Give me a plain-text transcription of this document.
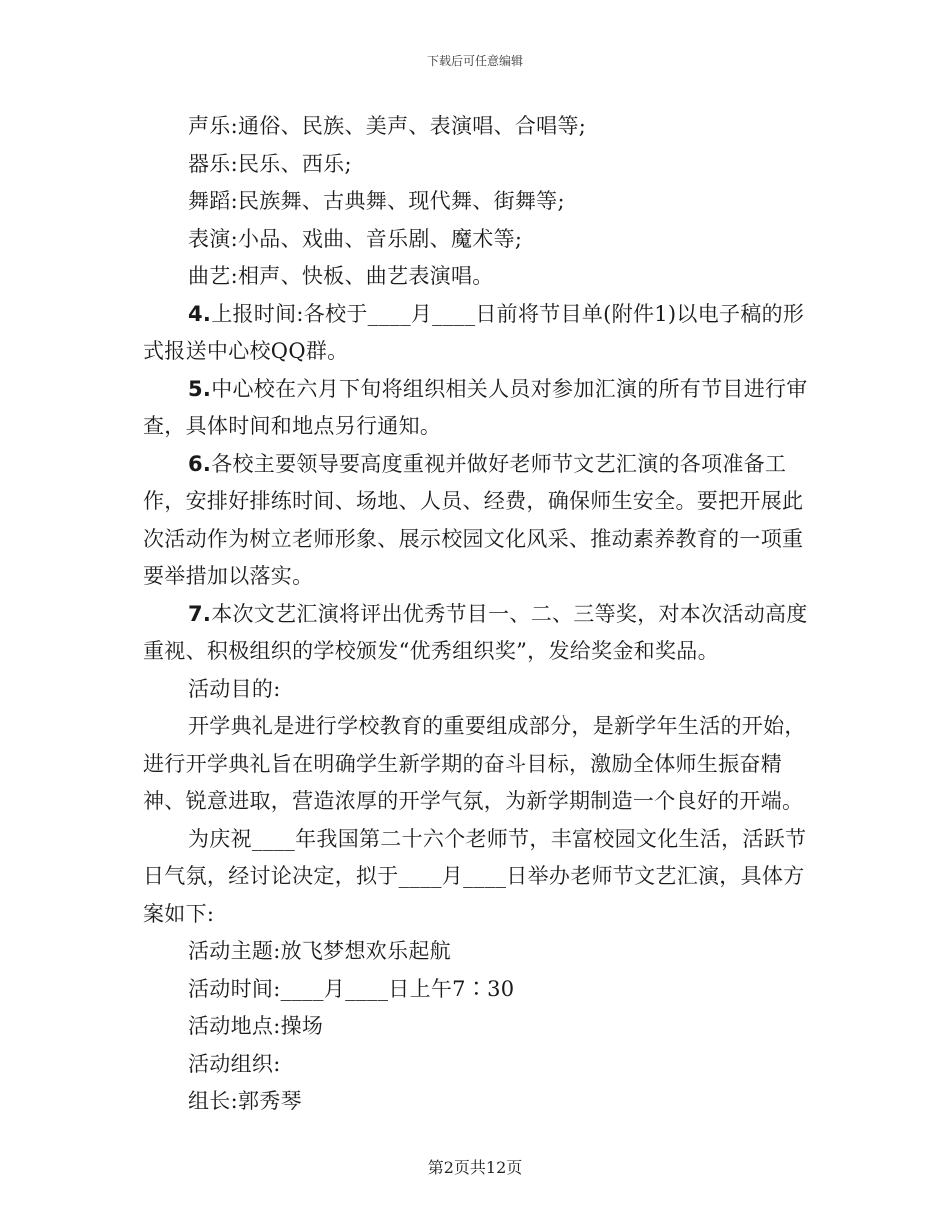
下载后可任意编辑

声乐:通俗、民族、美声、表演唱、合唱等;

器乐:民乐、西乐;

舞蹈:民族舞、古典舞、现代舞、街舞等;

表演:小品、戏曲、音乐剧、魔术等;

曲艺:相声、快板、曲艺表演唱。

4.上报时间:各校于____月____日前将节目单(附件1)以电子稿的形式报送中心校QQ群。

5.中心校在六月下旬将组织相关人员对参加汇演的所有节目进行审查，具体时间和地点另行通知。

6.各校主要领导要高度重视并做好老师节文艺汇演的各项准备工作，安排好排练时间、场地、人员、经费，确保师生安全。要把开展此次活动作为树立老师形象、展示校园文化风采、推动素养教育的一项重要举措加以落实。

7.本次文艺汇演将评出优秀节目一、二、三等奖，对本次活动高度重视、积极组织的学校颁发“优秀组织奖”，发给奖金和奖品。

活动目的:

开学典礼是进行学校教育的重要组成部分，是新学年生活的开始，进行开学典礼旨在明确学生新学期的奋斗目标，激励全体师生振奋精神、锐意进取，营造浓厚的开学气氛，为新学期制造一个良好的开端。

为庆祝____年我国第二十六个老师节，丰富校园文化生活，活跃节日气氛，经讨论决定，拟于____月____日举办老师节文艺汇演，具体方案如下:

活动主题:放飞梦想欢乐起航

活动时间:____月____日上午7∶30

活动地点:操场

活动组织:

组长:郭秀琴

第2页共12页
